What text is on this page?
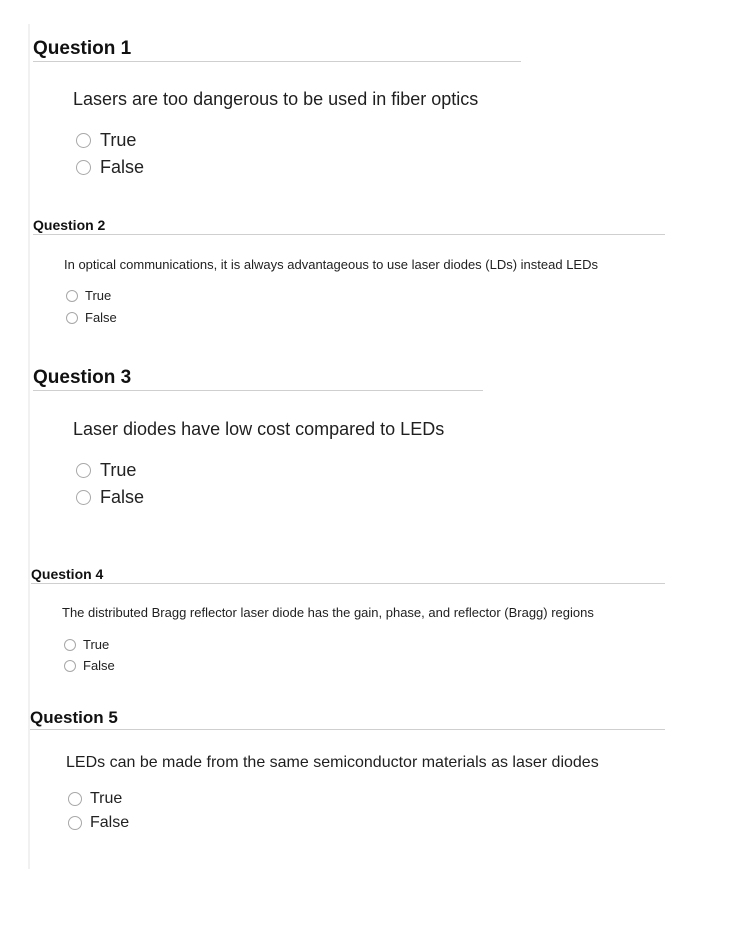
Question 1
Lasers are too dangerous to be used in fiber optics
True
False
Question 2
In optical communications, it is always advantageous to use laser diodes (LDs) instead LEDs
True
False
Question 3
Laser diodes have low cost compared to LEDs
True
False
Question 4
The distributed Bragg reflector laser diode has the gain, phase, and reflector (Bragg) regions
True
False
Question 5
LEDs can be made from the same semiconductor materials as laser diodes
True
False
